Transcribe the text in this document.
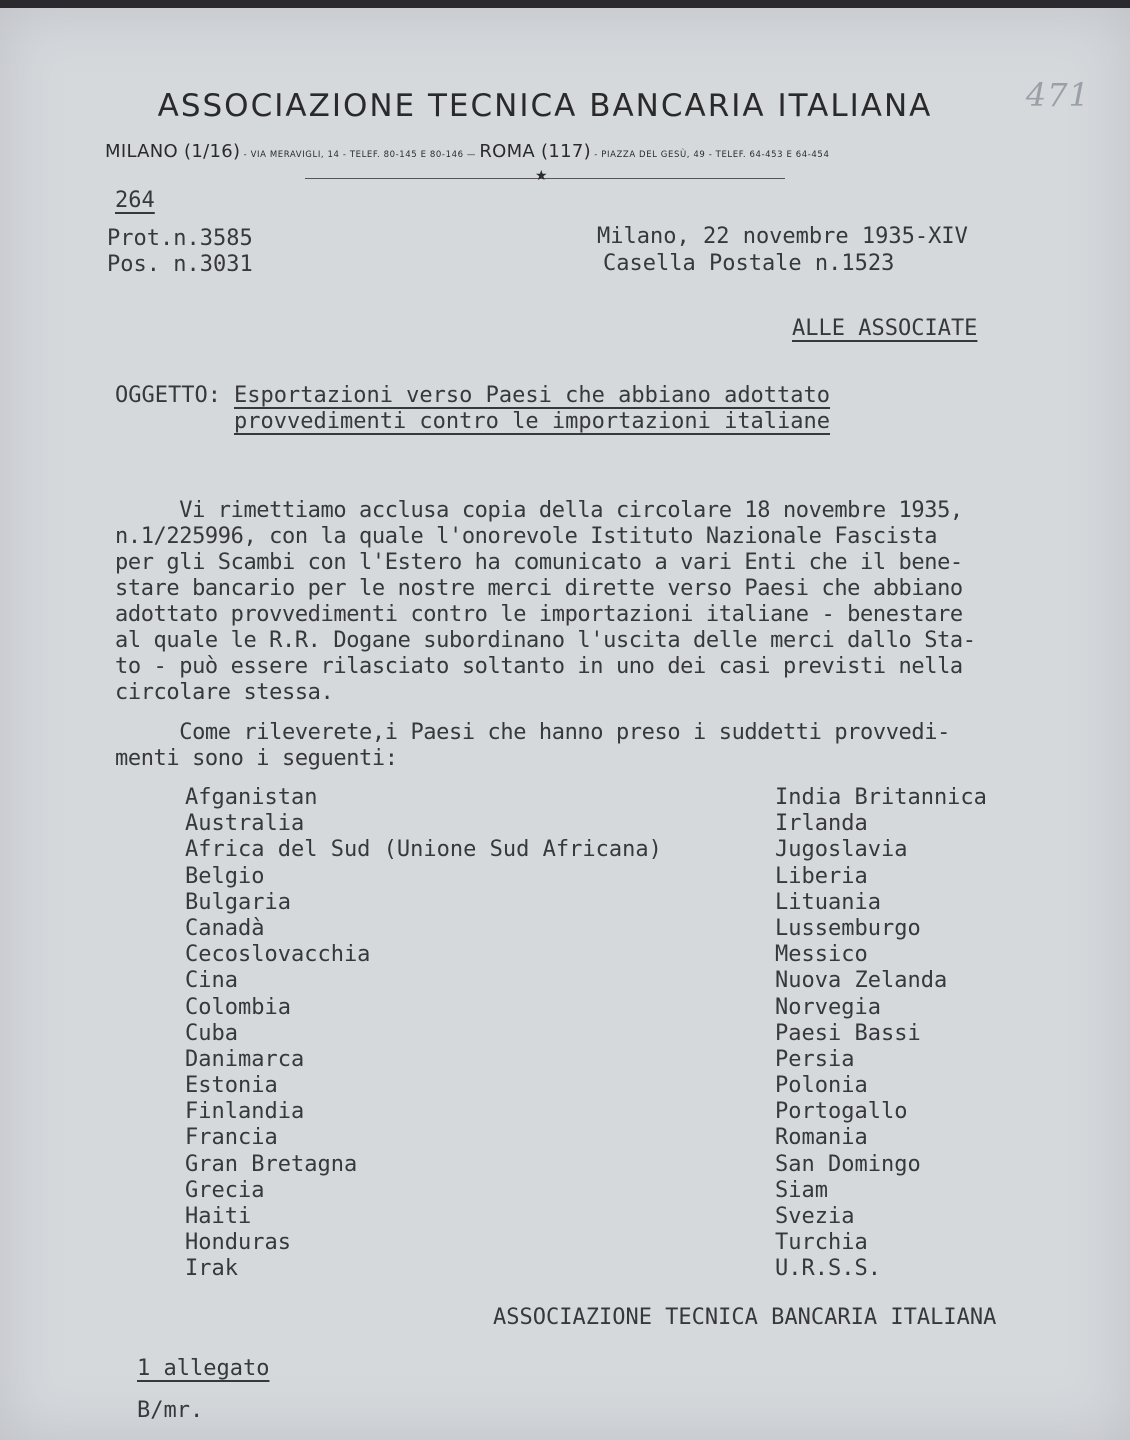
ASSOCIAZIONE TECNICA BANCARIA ITALIANA
MILANO (1/16) - VIA MERAVIGLI, 14 - TELEF. 80-145 E 80-146 — ROMA (117) - PIAZZA DEL GESÙ, 49 - TELEF. 64-453 E 64-454
★
471
264
Prot.n.3585
Pos. n.3031
Milano, 22 novembre 1935-XIV
Casella Postale n.1523
ALLE ASSOCIATE
OGGETTO: Esportazioni verso Paesi che abbiano adottato
provvedimenti contro le importazioni italiane
Vi rimettiamo acclusa copia della circolare 18 novembre 1935,
n.1/225996, con la quale l'onorevole Istituto Nazionale Fascista
per gli Scambi con l'Estero ha comunicato a vari Enti che il bene-
stare bancario per le nostre merci dirette verso Paesi che abbiano
adottato provvedimenti contro le importazioni italiane - benestare
al quale le R.R. Dogane subordinano l'uscita delle merci dallo Sta-
to - può essere rilasciato soltanto in uno dei casi previsti nella
circolare stessa.
Come rileverete,i Paesi che hanno preso i suddetti provvedi-
menti sono i seguenti:
Afganistan
Australia
Africa del Sud (Unione Sud Africana)
Belgio
Bulgaria
Canadà
Cecoslovacchia
Cina
Colombia
Cuba
Danimarca
Estonia
Finlandia
Francia
Gran Bretagna
Grecia
Haiti
Honduras
Irak
India Britannica
Irlanda
Jugoslavia
Liberia
Lituania
Lussemburgo
Messico
Nuova Zelanda
Norvegia
Paesi Bassi
Persia
Polonia
Portogallo
Romania
San Domingo
Siam
Svezia
Turchia
U.R.S.S.
ASSOCIAZIONE TECNICA BANCARIA ITALIANA
1 allegato
B/mr.
